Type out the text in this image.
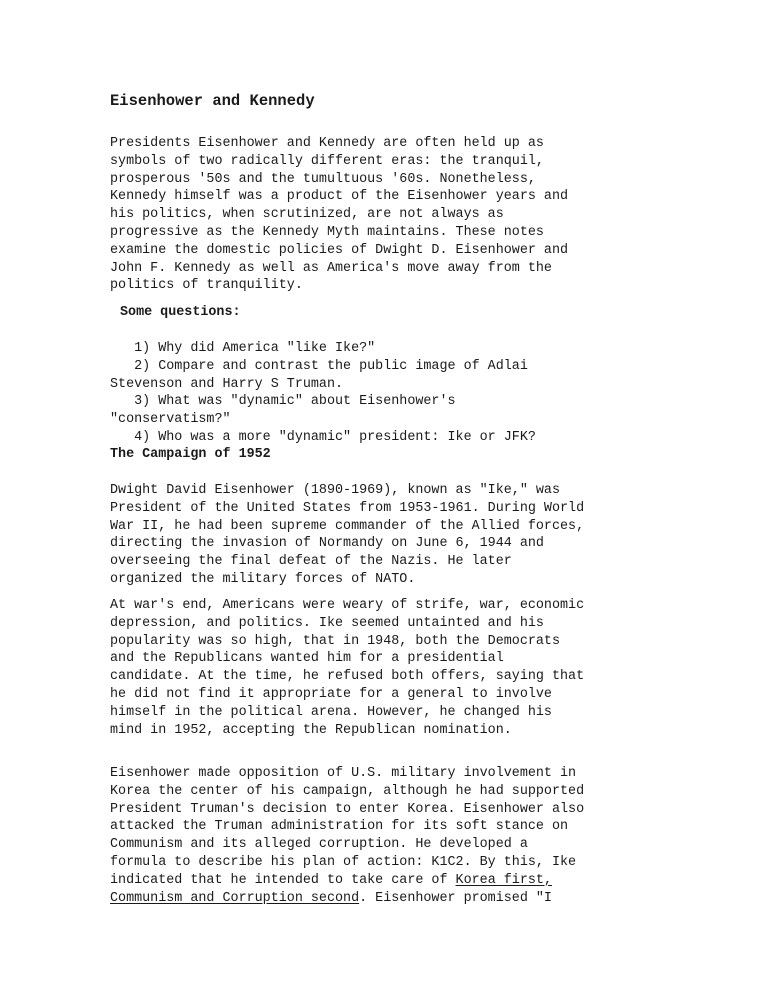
Eisenhower and Kennedy
Presidents Eisenhower and Kennedy are often held up as
symbols of two radically different eras: the tranquil,
prosperous '50s and the tumultuous '60s. Nonetheless,
Kennedy himself was a product of the Eisenhower years and
his politics, when scrutinized, are not always as
progressive as the Kennedy Myth maintains. These notes
examine the domestic policies of Dwight D. Eisenhower and
John F. Kennedy as well as America's move away from the
politics of tranquility.
Some questions:
1) Why did America "like Ike?"
2) Compare and contrast the public image of Adlai
Stevenson and Harry S Truman.
3) What was "dynamic" about Eisenhower's
"conservatism?"
4) Who was a more "dynamic" president: Ike or JFK?
The Campaign of 1952
Dwight David Eisenhower (1890-1969), known as "Ike," was
President of the United States from 1953-1961. During World
War II, he had been supreme commander of the Allied forces,
directing the invasion of Normandy on June 6, 1944 and
overseeing the final defeat of the Nazis. He later
organized the military forces of NATO.
At war's end, Americans were weary of strife, war, economic
depression, and politics. Ike seemed untainted and his
popularity was so high, that in 1948, both the Democrats
and the Republicans wanted him for a presidential
candidate. At the time, he refused both offers, saying that
he did not find it appropriate for a general to involve
himself in the political arena. However, he changed his
mind in 1952, accepting the Republican nomination.
Eisenhower made opposition of U.S. military involvement in
Korea the center of his campaign, although he had supported
President Truman's decision to enter Korea. Eisenhower also
attacked the Truman administration for its soft stance on
Communism and its alleged corruption. He developed a
formula to describe his plan of action: K1C2. By this, Ike
indicated that he intended to take care of Korea first,
Communism and Corruption second. Eisenhower promised "I
